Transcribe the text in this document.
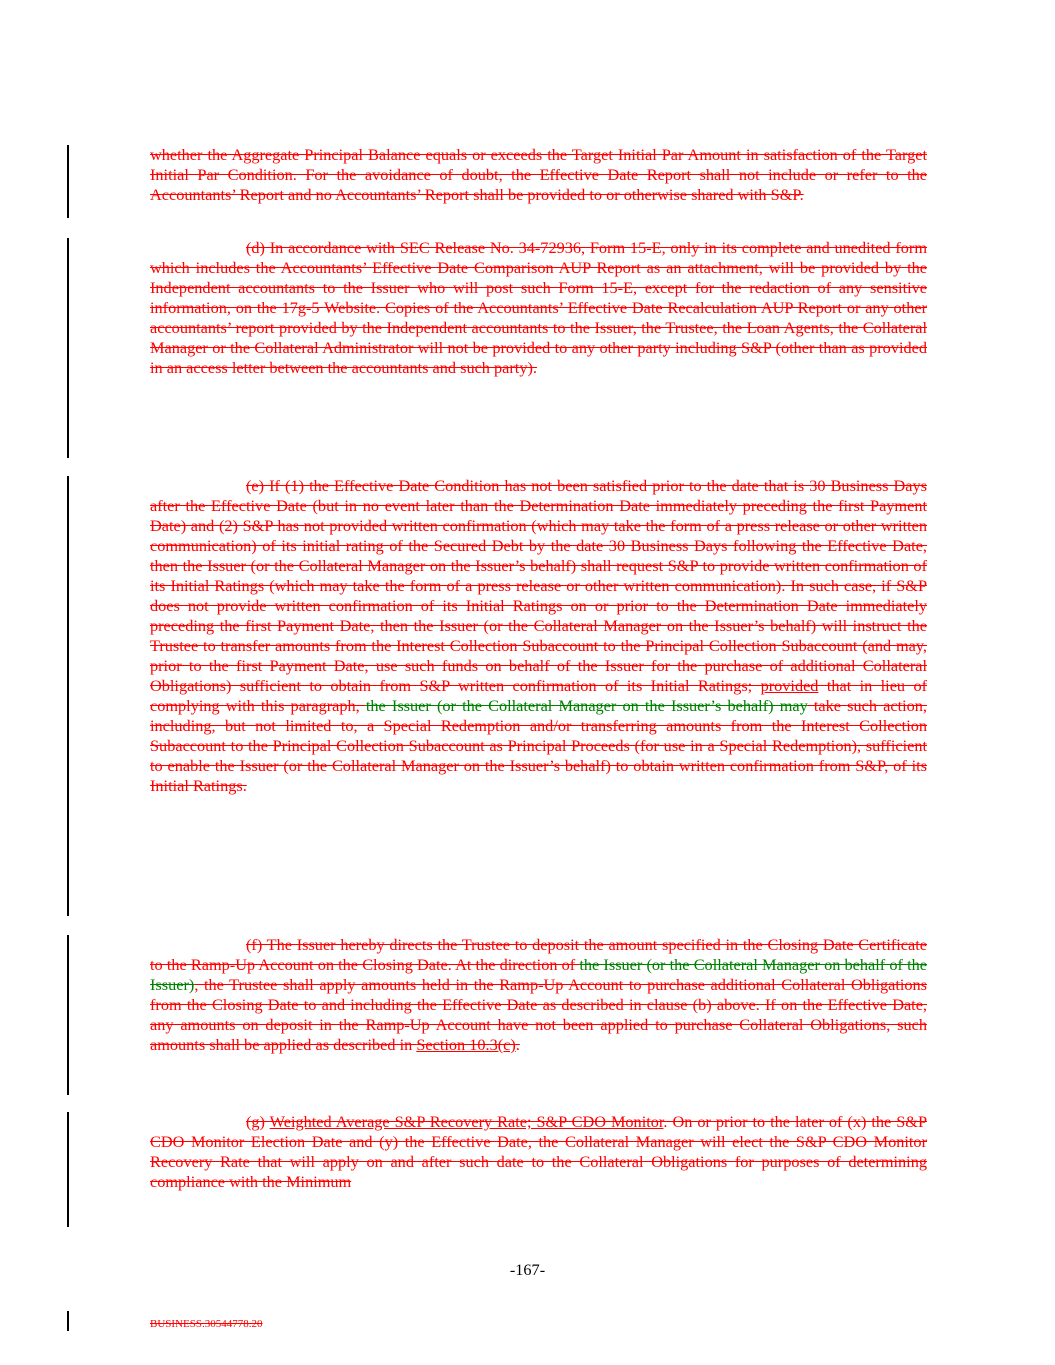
whether the Aggregate Principal Balance equals or exceeds the Target Initial Par Amount in satisfaction of the Target Initial Par Condition. For the avoidance of doubt, the Effective Date Report shall not include or refer to the Accountants’ Report and no Accountants’ Report shall be provided to or otherwise shared with S&P.
(d) In accordance with SEC Release No. 34-72936, Form 15-E, only in its complete and unedited form which includes the Accountants’ Effective Date Comparison AUP Report as an attachment, will be provided by the Independent accountants to the Issuer who will post such Form 15-E, except for the redaction of any sensitive information, on the 17g-5 Website. Copies of the Accountants’ Effective Date Recalculation AUP Report or any other accountants’ report provided by the Independent accountants to the Issuer, the Trustee, the Loan Agents, the Collateral Manager or the Collateral Administrator will not be provided to any other party including S&P (other than as provided in an access letter between the accountants and such party).
(e) If (1) the Effective Date Condition has not been satisfied prior to the date that is 30 Business Days after the Effective Date (but in no event later than the Determination Date immediately preceding the first Payment Date) and (2) S&P has not provided written confirmation (which may take the form of a press release or other written communication) of its initial rating of the Secured Debt by the date 30 Business Days following the Effective Date, then the Issuer (or the Collateral Manager on the Issuer’s behalf) shall request S&P to provide written confirmation of its Initial Ratings (which may take the form of a press release or other written communication). In such case, if S&P does not provide written confirmation of its Initial Ratings on or prior to the Determination Date immediately preceding the first Payment Date, then the Issuer (or the Collateral Manager on the Issuer’s behalf) will instruct the Trustee to transfer amounts from the Interest Collection Subaccount to the Principal Collection Subaccount (and may, prior to the first Payment Date, use such funds on behalf of the Issuer for the purchase of additional Collateral Obligations) sufficient to obtain from S&P written confirmation of its Initial Ratings; provided that in lieu of complying with this paragraph, the Issuer (or the Collateral Manager on the Issuer’s behalf) may take such action, including, but not limited to, a Special Redemption and/or transferring amounts from the Interest Collection Subaccount to the Principal Collection Subaccount as Principal Proceeds (for use in a Special Redemption), sufficient to enable the Issuer (or the Collateral Manager on the Issuer’s behalf) to obtain written confirmation from S&P, of its Initial Ratings.
(f) The Issuer hereby directs the Trustee to deposit the amount specified in the Closing Date Certificate to the Ramp-Up Account on the Closing Date. At the direction of the Issuer (or the Collateral Manager on behalf of the Issuer), the Trustee shall apply amounts held in the Ramp-Up Account to purchase additional Collateral Obligations from the Closing Date to and including the Effective Date as described in clause (b) above. If on the Effective Date, any amounts on deposit in the Ramp-Up Account have not been applied to purchase Collateral Obligations, such amounts shall be applied as described in Section 10.3(c).
(g) Weighted Average S&P Recovery Rate; S&P CDO Monitor. On or prior to the later of (x) the S&P CDO Monitor Election Date and (y) the Effective Date, the Collateral Manager will elect the S&P CDO Monitor Recovery Rate that will apply on and after such date to the Collateral Obligations for purposes of determining compliance with the Minimum
-167-
BUSINESS.30544778.20
